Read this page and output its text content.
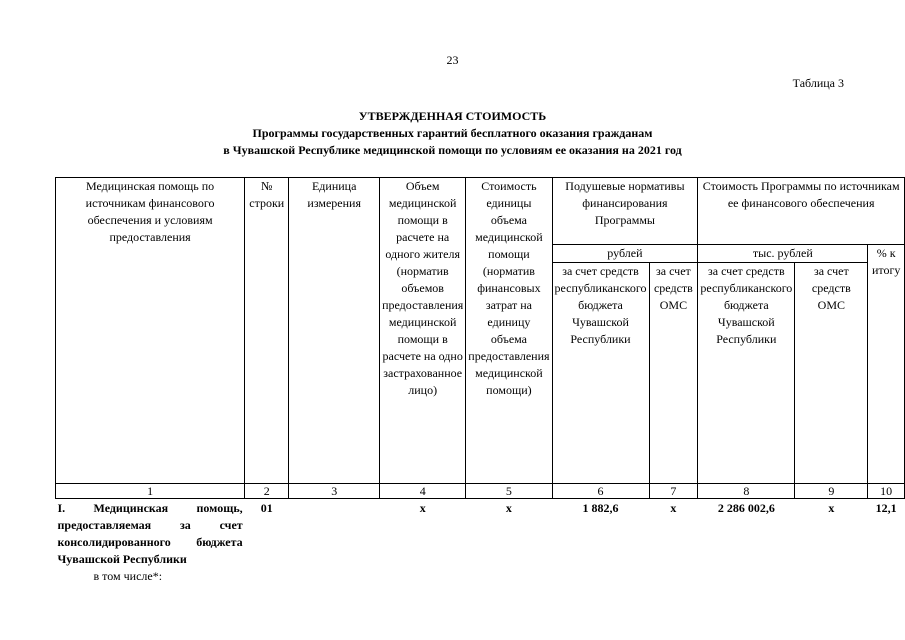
23
Таблица 3
УТВЕРЖДЕННАЯ СТОИМОСТЬ
Программы государственных гарантий бесплатного оказания гражданам
в Чувашской Республике медицинской помощи по условиям ее оказания на 2021 год
Медицинская помощь по источникам финансового обеспечения и условиям предоставления	№ строки	Единица измерения	Объем медицинской помощи в расчете на одного жителя (норматив объемов предоставления медицинской помощи в расчете на одно застрахованное лицо)	Стоимость единицы объема медицинской помощи (норматив финансовых затрат на единицу объема предоставления медицинской помощи)	Подушевые нормативы финансирования Программы		Стоимость Программы по источникам ее финансового обеспечения		
					рублей		тыс. рублей		% к итогу
					за счет средств республиканского бюджета Чувашской Республики	за счет средств ОМС	за счет средств республиканского бюджета Чувашской Республики	за счет средств ОМС	
1	2	3	4	5	6	7	8	9	10
I. Медицинская помощь, предоставляемая за счет консолидированного бюджета Чувашской Республики	01		х	х	1 882,6	х	2 286 002,6	х	12,1
в том числе*:									
